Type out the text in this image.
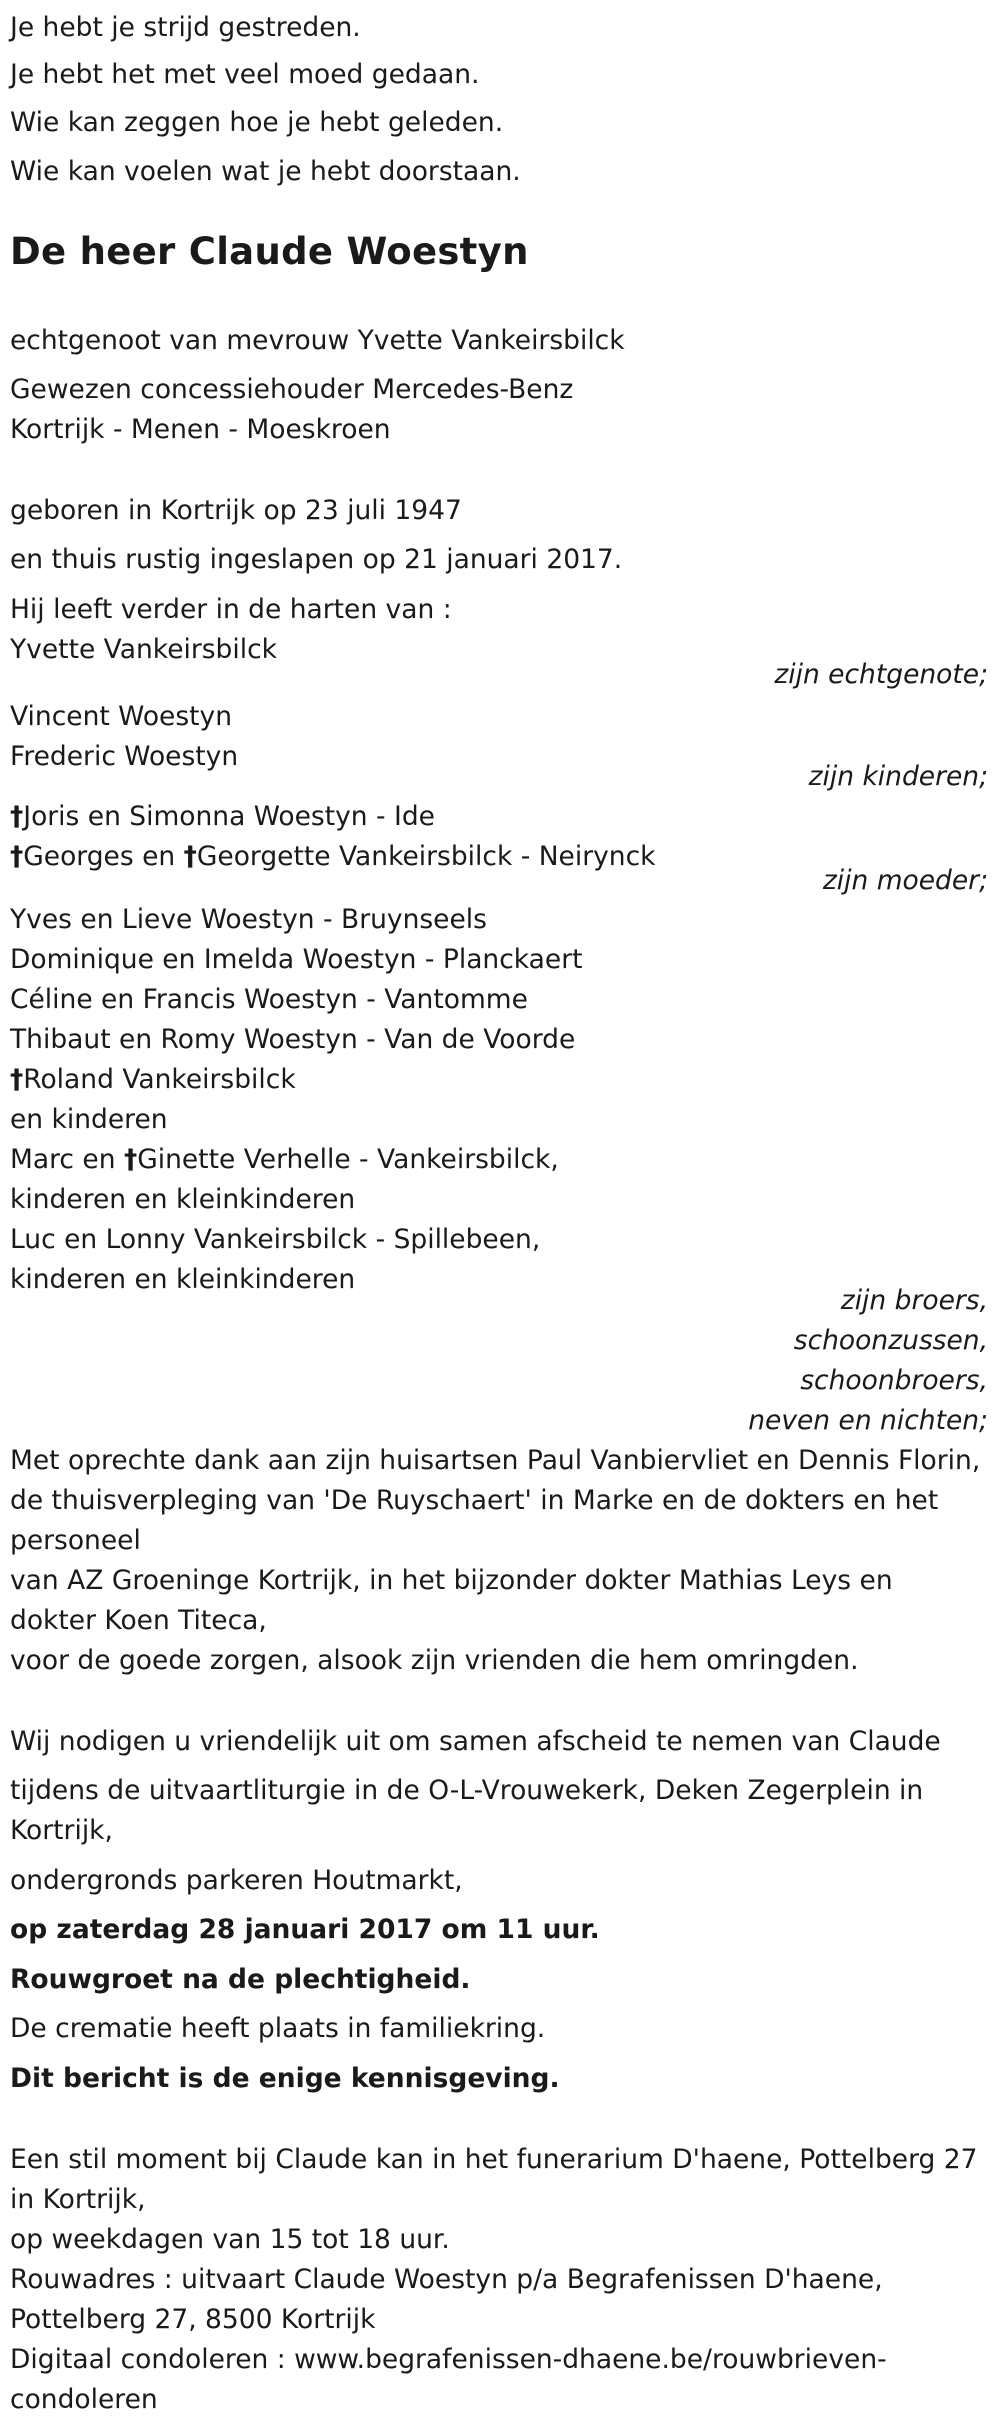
Je hebt je strijd gestreden.
Je hebt het met veel moed gedaan.
Wie kan zeggen hoe je hebt geleden.
Wie kan voelen wat je hebt doorstaan.
De heer Claude Woestyn
echtgenoot van mevrouw Yvette Vankeirsbilck
Gewezen concessiehouder Mercedes-Benz
Kortrijk - Menen - Moeskroen
geboren in Kortrijk op 23 juli 1947
en thuis rustig ingeslapen op 21 januari 2017.
Hij leeft verder in de harten van :
Yvette Vankeirsbilck
zijn echtgenote;
Vincent Woestyn
Frederic Woestyn
zijn kinderen;
†Joris en Simonna Woestyn - Ide
†Georges en †Georgette Vankeirsbilck - Neirynck
zijn moeder;
Yves en Lieve Woestyn - Bruynseels
Dominique en Imelda Woestyn - Planckaert
Céline en Francis Woestyn - Vantomme
Thibaut en Romy Woestyn - Van de Voorde
†Roland Vankeirsbilck
en kinderen
Marc en †Ginette Verhelle - Vankeirsbilck,
kinderen en kleinkinderen
Luc en Lonny Vankeirsbilck - Spillebeen,
kinderen en kleinkinderen
zijn broers,
schoonzussen,
schoonbroers,
neven en nichten;
Met oprechte dank aan zijn huisartsen Paul Vanbiervliet en Dennis Florin,
de thuisverpleging van 'De Ruyschaert' in Marke en de dokters en het
personeel
van AZ Groeninge Kortrijk, in het bijzonder dokter Mathias Leys en
dokter Koen Titeca,
voor de goede zorgen, alsook zijn vrienden die hem omringden.
Wij nodigen u vriendelijk uit om samen afscheid te nemen van Claude
tijdens de uitvaartliturgie in de O-L-Vrouwekerk, Deken Zegerplein in
Kortrijk,
ondergronds parkeren Houtmarkt,
op zaterdag 28 januari 2017 om 11 uur.
Rouwgroet na de plechtigheid.
De crematie heeft plaats in familiekring.
Dit bericht is de enige kennisgeving.
Een stil moment bij Claude kan in het funerarium D'haene, Pottelberg 27
in Kortrijk,
op weekdagen van 15 tot 18 uur.
Rouwadres : uitvaart Claude Woestyn p/a Begrafenissen D'haene,
Pottelberg 27, 8500 Kortrijk
Digitaal condoleren : www.begrafenissen-dhaene.be/rouwbrieven-
condoleren
